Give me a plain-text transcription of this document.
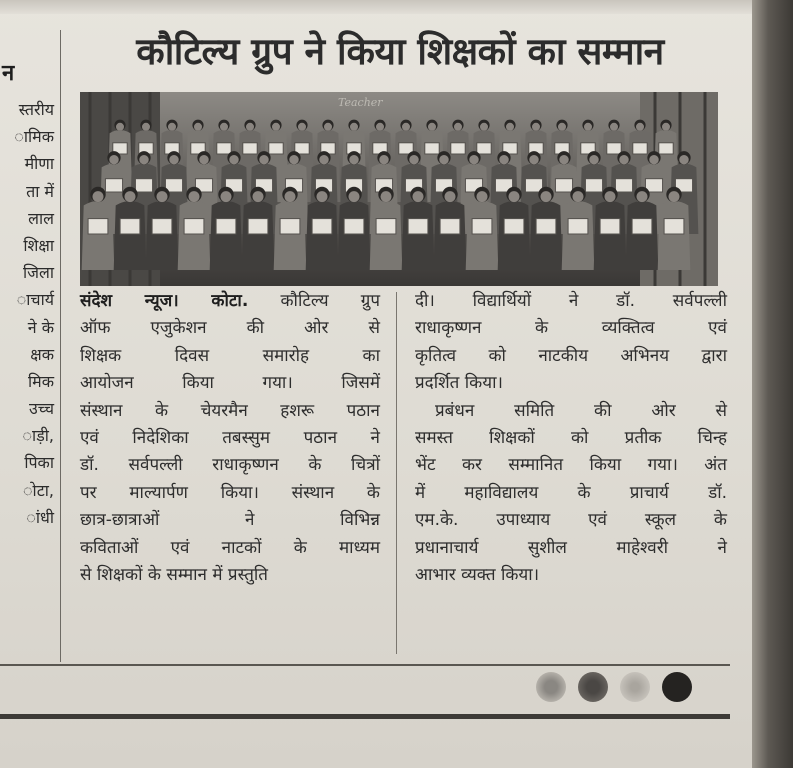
न
स्तरीय
ामिक
मीणा
ता में
लाल
शिक्षा
जिला
ाचार्य
ने के
क्षक
मिक
उच्च
ाड़ी,
पिका
ोटा,
ांधी
कौटिल्य ग्रुप ने किया शिक्षकों का सम्मान
Teacher
संदेश न्यूज। कोटा. कौटिल्य ग्रुप
ऑफ एजुकेशन की ओर से
शिक्षक दिवस समारोह का
आयोजन किया गया। जिसमें
संस्थान के चेयरमैन हशरू पठान
एवं निदेशिका तबस्सुम पठान ने
डॉ. सर्वपल्ली राधाकृष्णन के चित्रों
पर माल्यार्पण किया। संस्थान के
छात्र-छात्राओं ने विभिन्न
कविताओं एवं नाटकों के माध्यम
से शिक्षकों के सम्मान में प्रस्तुति
दी। विद्यार्थियों ने डॉ. सर्वपल्ली
राधाकृष्णन के व्यक्तित्व एवं
कृतित्व को नाटकीय अभिनय द्वारा
प्रदर्शित किया।
प्रबंधन समिति की ओर से
समस्त शिक्षकों को प्रतीक चिन्ह
भेंट कर सम्मानित किया गया। अंत
में महाविद्यालय के प्राचार्य डॉ.
एम.के. उपाध्याय एवं स्कूल के
प्रधानाचार्य सुशील माहेश्वरी ने
आभार व्यक्त किया।
